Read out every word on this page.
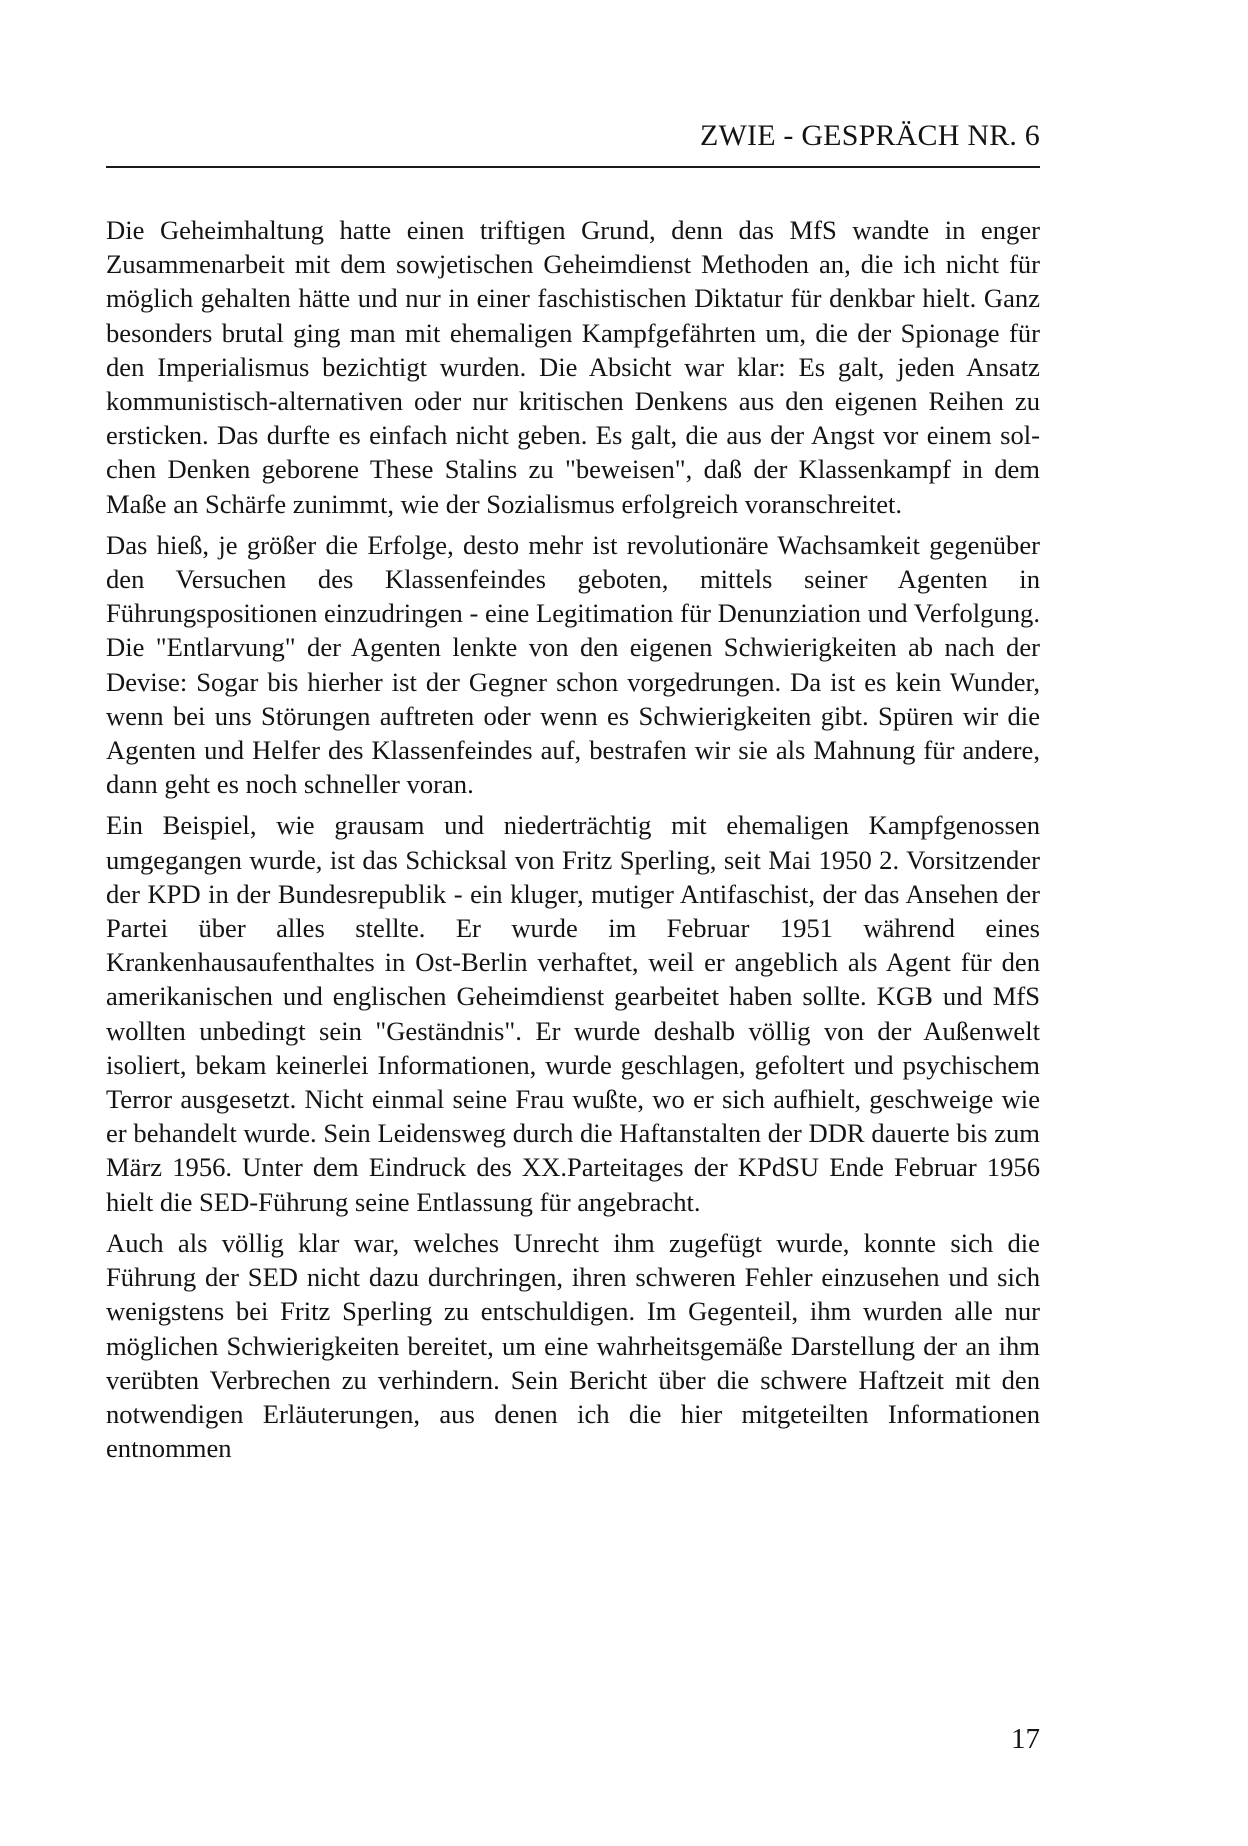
ZWIE - GESPRÄCH NR. 6

Die Geheimhaltung hatte einen triftigen Grund, denn das MfS wandte in enger Zusammenarbeit mit dem sowjetischen Geheimdienst Methoden an, die ich nicht für möglich gehalten hätte und nur in einer faschistischen Diktatur für denkbar hielt. Ganz besonders brutal ging man mit ehemaligen Kampfgefährten um, die der Spionage für den Imperialismus bezichtigt wurden. Die Absicht war klar: Es galt, jeden Ansatz kommunistisch-alternativen oder nur kritischen Denkens aus den eigenen Reihen zu ersticken. Das durfte es einfach nicht geben. Es galt, die aus der Angst vor einem solchen Denken geborene These Stalins zu "beweisen", daß der Klassenkampf in dem Maße an Schärfe zunimmt, wie der Sozialismus erfolgreich voranschreitet.

Das hieß, je größer die Erfolge, desto mehr ist revolutionäre Wachsamkeit gegenüber den Versuchen des Klassenfeindes geboten, mittels seiner Agenten in Führungspositionen einzudringen - eine Legitimation für Denunziation und Verfolgung. Die "Entlarvung" der Agenten lenkte von den eigenen Schwierigkeiten ab nach der Devise: Sogar bis hierher ist der Gegner schon vorgedrungen. Da ist es kein Wunder, wenn bei uns Störungen auftreten oder wenn es Schwierigkeiten gibt. Spüren wir die Agenten und Helfer des Klassenfeindes auf, bestrafen wir sie als Mahnung für andere, dann geht es noch schneller voran.

Ein Beispiel, wie grausam und niederträchtig mit ehemaligen Kampfgenossen umgegangen wurde, ist das Schicksal von Fritz Sperling, seit Mai 1950 2. Vorsitzender der KPD in der Bundesrepublik - ein kluger, mutiger Antifaschist, der das Ansehen der Partei über alles stellte. Er wurde im Februar 1951 während eines Krankenhausaufenthaltes in Ost-Berlin verhaftet, weil er angeblich als Agent für den amerikanischen und englischen Geheimdienst gearbeitet haben sollte. KGB und MfS wollten unbedingt sein "Geständnis". Er wurde deshalb völlig von der Außenwelt isoliert, bekam keinerlei Informationen, wurde geschlagen, gefoltert und psychischem Terror ausgesetzt. Nicht einmal seine Frau wußte, wo er sich aufhielt, geschweige wie er behandelt wurde. Sein Leidensweg durch die Haftanstalten der DDR dauerte bis zum März 1956. Unter dem Eindruck des XX.Parteitages der KPdSU Ende Februar 1956 hielt die SED-Führung seine Entlassung für angebracht.

Auch als völlig klar war, welches Unrecht ihm zugefügt wurde, konnte sich die Führung der SED nicht dazu durchringen, ihren schweren Fehler einzusehen und sich wenigstens bei Fritz Sperling zu entschuldigen. Im Gegenteil, ihm wurden alle nur möglichen Schwierigkeiten bereitet, um eine wahrheitsgemäße Darstellung der an ihm verübten Verbrechen zu verhindern. Sein Bericht über die schwere Haftzeit mit den notwendigen Erläuterungen, aus denen ich die hier mitgeteilten Informationen entnommen

17
